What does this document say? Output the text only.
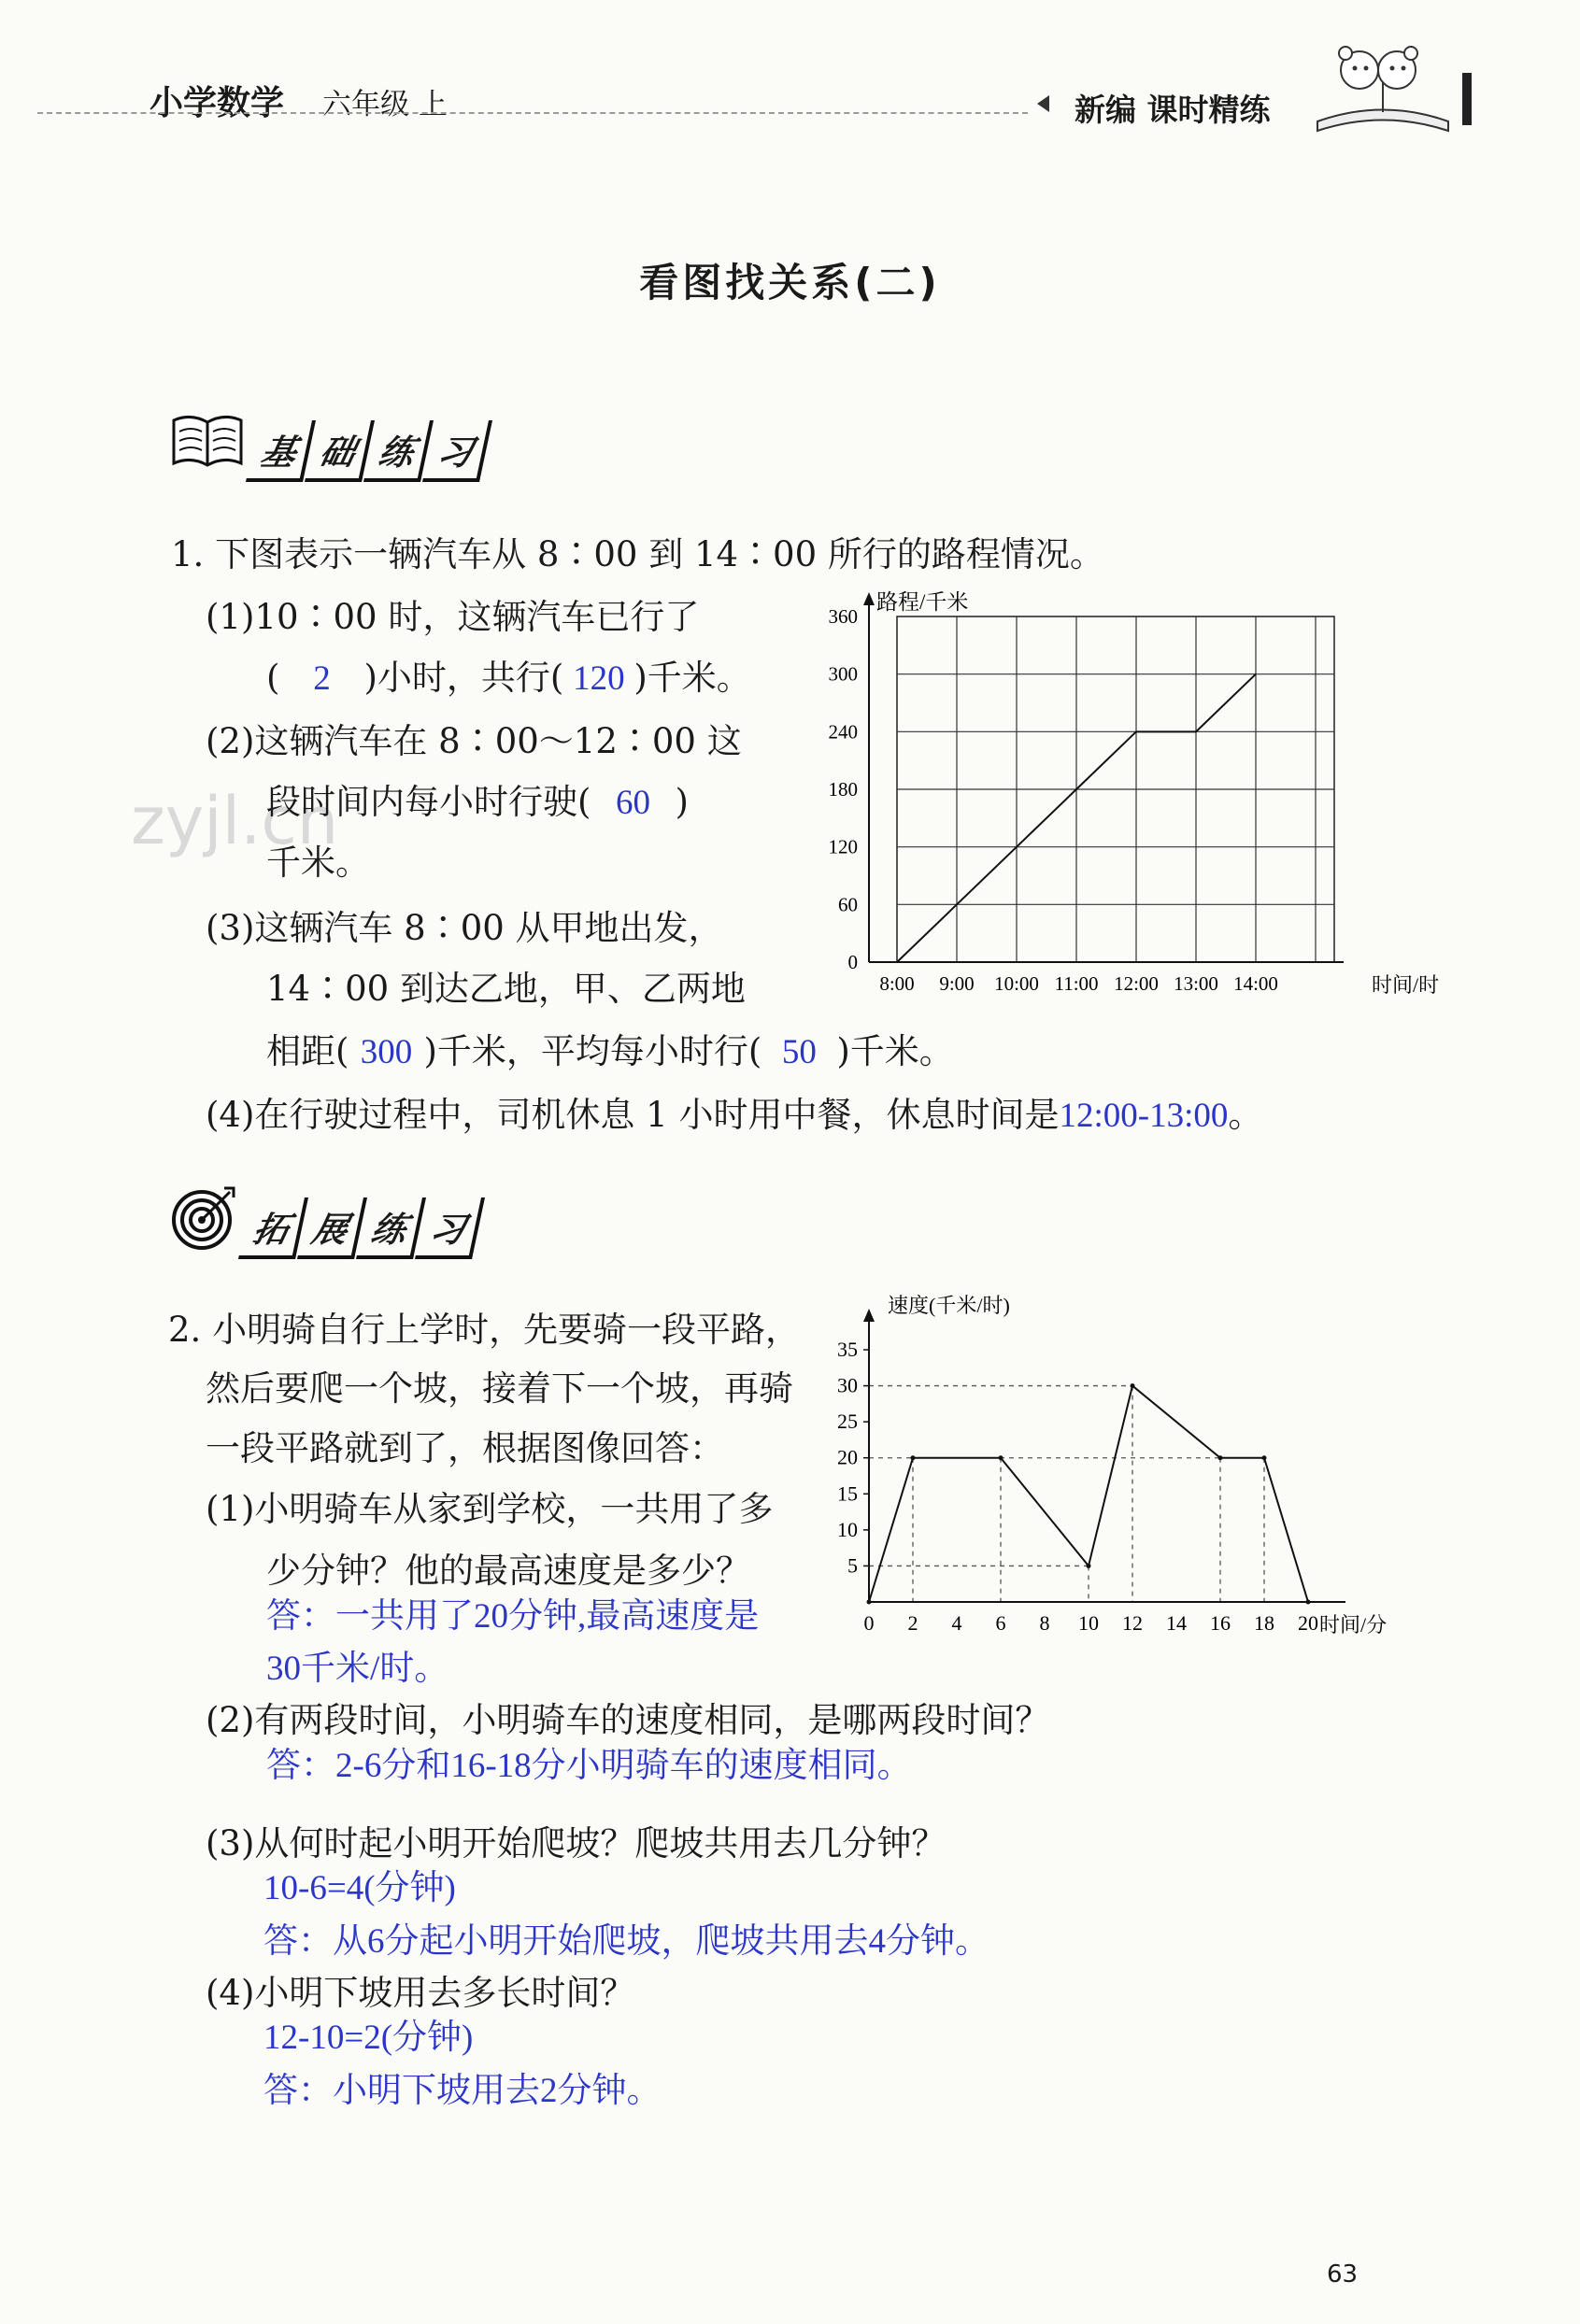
小学数学 六年级 上	新编 课时精练
看图找关系(二)
zyjl.cn
基 础 练 习
1. 下图表示一辆汽车从 8∶00 到 14∶00 所行的路程情况。
(1)10∶00 时，这辆汽车已行了
( 2 )小时，共行( 120 )千米。
(2)这辆汽车在 8∶00～12∶00 这
段时间内每小时行驶( 60 )
千米。
(3)这辆汽车 8∶00 从甲地出发，
14∶00 到达乙地，甲、乙两地
相距( 300 )千米，平均每小时行( 50 )千米。
(4)在行驶过程中，司机休息 1 小时用中餐，休息时间是12:00-13:00。
0
60
120
180
240
300
360
8:00 9:00 10:00 11:00 12:00 13:00 14:00
路程/千米
时间/时
拓 展 练 习
2. 小明骑自行上学时，先要骑一段平路，
然后要爬一个坡，接着下一个坡，再骑
一段平路就到了，根据图像回答：
(1)小明骑车从家到学校，一共用了多
少分钟？他的最高速度是多少？
答：一共用了20分钟,最高速度是
30千米/时。
(2)有两段时间，小明骑车的速度相同，是哪两段时间？
答：2-6分和16-18分小明骑车的速度相同。
(3)从何时起小明开始爬坡？爬坡共用去几分钟？
10-6=4(分钟)
答：从6分起小明开始爬坡，爬坡共用去4分钟。
(4)小明下坡用去多长时间？
12-10=2(分钟)
答：小明下坡用去2分钟。
5
10
15
20
25
30
35
0 2 4 6 8 10 12 14 16 18 20
速度(千米/时)
时间/分
63
